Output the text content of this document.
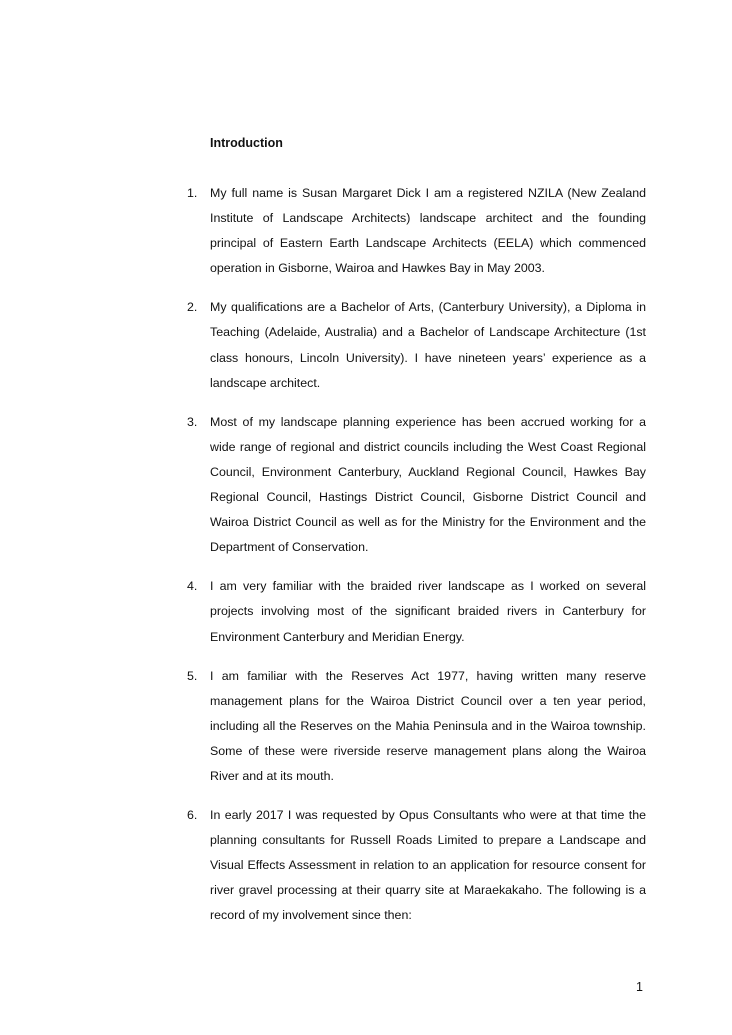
Introduction
1. My full name is Susan Margaret Dick I am a registered NZILA (New Zealand Institute of Landscape Architects) landscape architect and the founding principal of Eastern Earth Landscape Architects (EELA) which commenced operation in Gisborne, Wairoa and Hawkes Bay in May 2003.
2. My qualifications are a Bachelor of Arts, (Canterbury University), a Diploma in Teaching (Adelaide, Australia) and a Bachelor of Landscape Architecture (1st class honours, Lincoln University). I have nineteen years’ experience as a landscape architect.
3. Most of my landscape planning experience has been accrued working for a wide range of regional and district councils including the West Coast Regional Council, Environment Canterbury, Auckland Regional Council, Hawkes Bay Regional Council, Hastings District Council, Gisborne District Council and Wairoa District Council as well as for the Ministry for the Environment and the Department of Conservation.
4. I am very familiar with the braided river landscape as I worked on several projects involving most of the significant braided rivers in Canterbury for Environment Canterbury and Meridian Energy.
5. I am familiar with the Reserves Act 1977, having written many reserve management plans for the Wairoa District Council over a ten year period, including all the Reserves on the Mahia Peninsula and in the Wairoa township. Some of these were riverside reserve management plans along the Wairoa River and at its mouth.
6. In early 2017 I was requested by Opus Consultants who were at that time the planning consultants for Russell Roads Limited to prepare a Landscape and Visual Effects Assessment in relation to an application for resource consent for river gravel processing at their quarry site at Maraekakaho. The following is a record of my involvement since then:
1
